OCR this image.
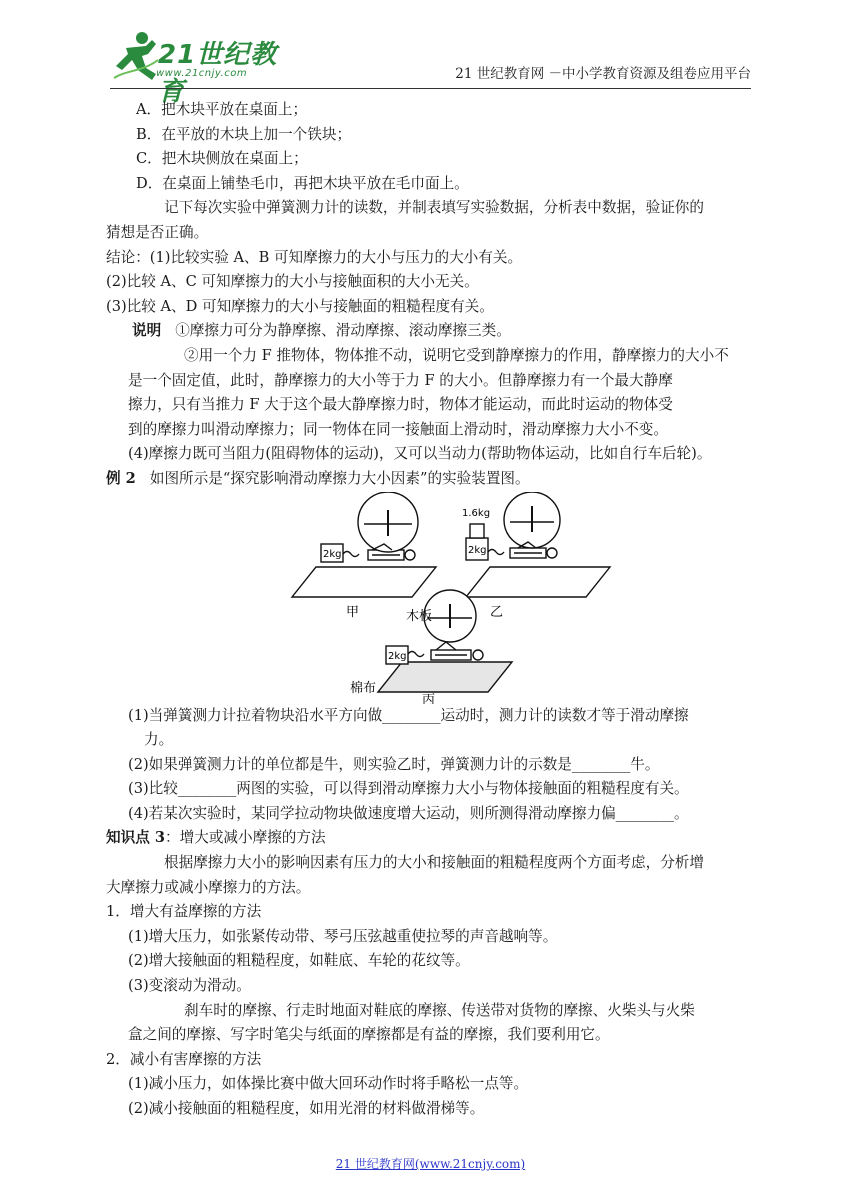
21世纪教育
www.21cnjy.com	21 世纪教育网 －中小学教育资源及组卷应用平台
A．把木块平放在桌面上；
B．在平放的木块上加一个铁块；
C．把木块侧放在桌面上；
D．在桌面上铺垫毛巾，再把木块平放在毛巾面上。
记下每次实验中弹簧测力计的读数，并制表填写实验数据，分析表中数据，验证你的
猜想是否正确。
结论：(1)比较实验 A、B 可知摩擦力的大小与压力的大小有关。
(2)比较 A、C 可知摩擦力的大小与接触面积的大小无关。
(3)比较 A、D 可知摩擦力的大小与接触面的粗糙程度有关。
说明 ①摩擦力可分为静摩擦、滑动摩擦、滚动摩擦三类。
②用一个力 F 推物体，物体推不动，说明它受到静摩擦力的作用，静摩擦力的大小不
是一个固定值，此时，静摩擦力的大小等于力 F 的大小。但静摩擦力有一个最大静摩
擦力，只有当推力 F 大于这个最大静摩擦力时，物体才能运动，而此时运动的物体受
到的摩擦力叫滑动摩擦力；同一物体在同一接触面上滑动时，滑动摩擦力大小不变。
(4)摩擦力既可当阻力(阻碍物体的运动)，又可以当动力(帮助物体运动，比如自行车后轮)。
例 2 如图所示是“探究影响滑动摩擦力大小因素”的实验装置图。
2kg	2kg
1.6kg
2kg
甲	乙
木板
棉布
丙
(1)当弹簧测力计拉着物块沿水平方向做________运动时，测力计的读数才等于滑动摩擦
力。
(2)如果弹簧测力计的单位都是牛，则实验乙时，弹簧测力计的示数是________牛。
(3)比较________两图的实验，可以得到滑动摩擦力大小与物体接触面的粗糙程度有关。
(4)若某次实验时，某同学拉动物块做速度增大运动，则所测得滑动摩擦力偏________。
知识点 3：增大或减小摩擦的方法
根据摩擦力大小的影响因素有压力的大小和接触面的粗糙程度两个方面考虑，分析增
大摩擦力或减小摩擦力的方法。
1．增大有益摩擦的方法
(1)增大压力，如张紧传动带、琴弓压弦越重使拉琴的声音越响等。
(2)增大接触面的粗糙程度，如鞋底、车轮的花纹等。
(3)变滚动为滑动。
刹车时的摩擦、行走时地面对鞋底的摩擦、传送带对货物的摩擦、火柴头与火柴
盒之间的摩擦、写字时笔尖与纸面的摩擦都是有益的摩擦，我们要利用它。
2．减小有害摩擦的方法
(1)减小压力，如体操比赛中做大回环动作时将手略松一点等。
(2)减小接触面的粗糙程度，如用光滑的材料做滑梯等。
21 世纪教育网(www.21cnjy.com)
